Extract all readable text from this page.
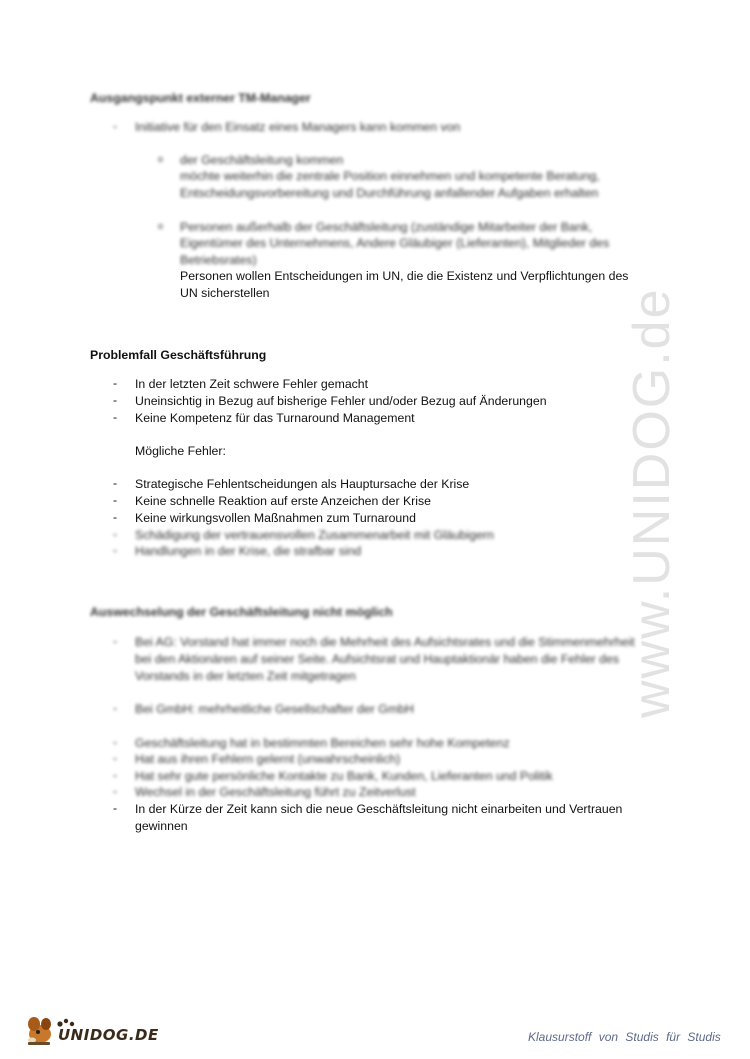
www.UNIDOG.de
Ausgangspunkt externer TM-Manager
-	Initiative für den Einsatz eines Managers kann kommen von
o der Geschäftsleitung kommen
möchte weiterhin die zentrale Position einnehmen und kompetente Beratung,
Entscheidungsvorbereitung und Durchführung anfallender Aufgaben erhalten
o Personen außerhalb der Geschäftsleitung (zuständige Mitarbeiter der Bank,
Eigentümer des Unternehmens, Andere Gläubiger (Lieferanten), Mitglieder des
Betriebsrates)
Personen wollen Entscheidungen im UN, die die Existenz und Verpflichtungen des
UN sicherstellen
Problemfall Geschäftsführung
-	In der letzten Zeit schwere Fehler gemacht
-	Uneinsichtig in Bezug auf bisherige Fehler und/oder Bezug auf Änderungen
-	Keine Kompetenz für das Turnaround Management
Mögliche Fehler:
-	Strategische Fehlentscheidungen als Hauptursache der Krise
-	Keine schnelle Reaktion auf erste Anzeichen der Krise
-	Keine wirkungsvollen Maßnahmen zum Turnaround
-	Schädigung der vertrauensvollen Zusammenarbeit mit Gläubigern
-	Handlungen in der Krise, die strafbar sind
Auswechselung der Geschäftsleitung nicht möglich
-	Bei AG: Vorstand hat immer noch die Mehrheit des Aufsichtsrates und die Stimmenmehrheit
bei den Aktionären auf seiner Seite. Aufsichtsrat und Hauptaktionär haben die Fehler des
Vorstands in der letzten Zeit mitgetragen
-	Bei GmbH: mehrheitliche Gesellschafter der GmbH
-	Geschäftsleitung hat in bestimmten Bereichen sehr hohe Kompetenz
-	Hat aus ihren Fehlern gelernt (unwahrscheinlich)
-	Hat sehr gute persönliche Kontakte zu Bank, Kunden, Lieferanten und Politik
-	Wechsel in der Geschäftsleitung führt zu Zeitverlust
-	In der Kürze der Zeit kann sich die neue Geschäftsleitung nicht einarbeiten und Vertrauen
gewinnen
UNIDOG.DE	Klausurstoff von Studis für Studis
